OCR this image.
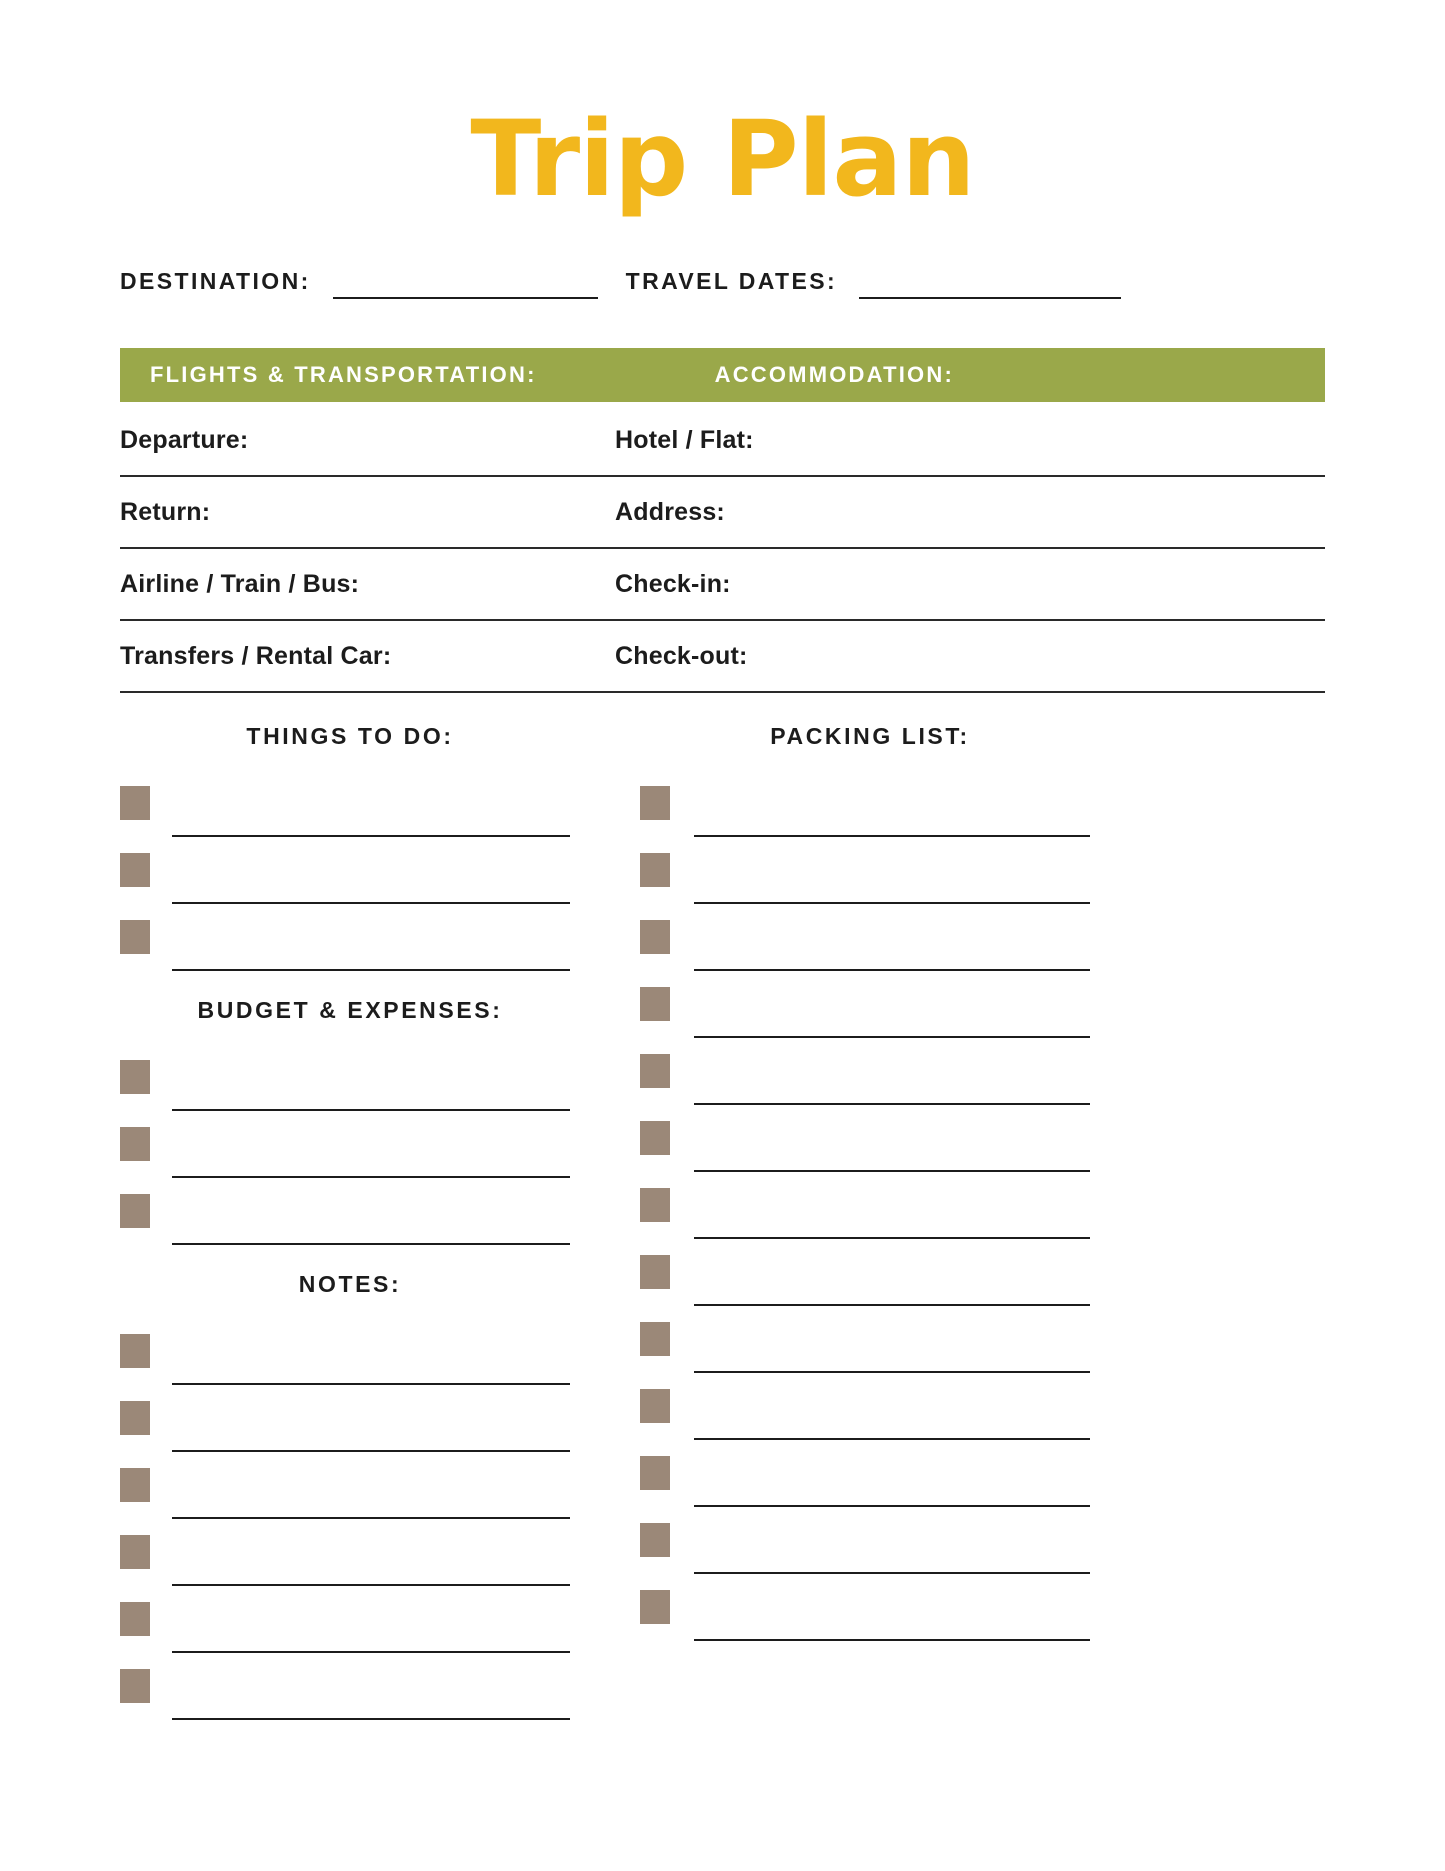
Trip Plan
DESTINATION:	TRAVEL DATES:
FLIGHTS & TRANSPORTATION:	ACCOMMODATION:
Departure:	Hotel / Flat:
Return:	Address:
Airline / Train / Bus:	Check-in:
Transfers / Rental Car:	Check-out:
THINGS TO DO:
BUDGET & EXPENSES:
NOTES:
PACKING LIST:
